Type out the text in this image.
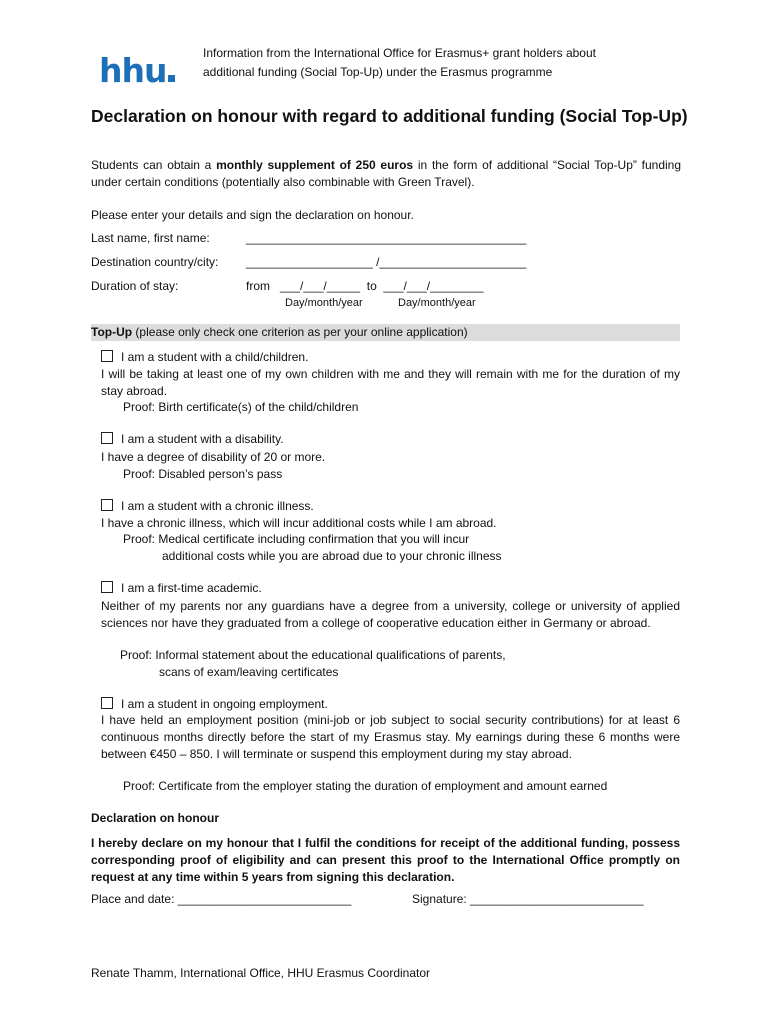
hhu	Information from the International Office for Erasmus+ grant holders about
additional funding (Social Top-Up) under the Erasmus programme
Declaration on honour with regard to additional funding (Social Top-Up)
Students can obtain a monthly supplement of 250 euros in the form of additional “Social Top-Up” funding under certain conditions (potentially also combinable with Green Travel).
Please enter your details and sign the declaration on honour.
Last name, first name:	__________________________________________
Destination country/city: ___________________ /______________________
Duration of stay:	from   ___/___/_____  to  ___/___/________
Day/month/year	Day/month/year
Top-Up (please only check one criterion as per your online application)
I am a student with a child/children.
I will be taking at least one of my own children with me and they will remain with me for the duration of my stay abroad.
Proof: Birth certificate(s) of the child/children
I am a student with a disability.
I have a degree of disability of 20 or more.
Proof: Disabled person’s pass
I am a student with a chronic illness.
I have a chronic illness, which will incur additional costs while I am abroad.
Proof: Medical certificate including confirmation that you will incur
additional costs while you are abroad due to your chronic illness
I am a first-time academic.
Neither of my parents nor any guardians have a degree from a university, college or university of applied sciences nor have they graduated from a college of cooperative education either in Germany or abroad.
Proof: Informal statement about the educational qualifications of parents,
scans of exam/leaving certificates
I am a student in ongoing employment.
I have held an employment position (mini-job or job subject to social security contributions) for at least 6 continuous months directly before the start of my Erasmus stay. My earnings during these 6 months were between €450 – 850. I will terminate or suspend this employment during my stay abroad.
Proof: Certificate from the employer stating the duration of employment and amount earned
Declaration on honour
I hereby declare on my honour that I fulfil the conditions for receipt of the additional funding, possess corresponding proof of eligibility and can present this proof to the International Office promptly on request at any time within 5 years from signing this declaration.
Place and date: __________________________	Signature: __________________________
Renate Thamm, International Office, HHU Erasmus Coordinator
